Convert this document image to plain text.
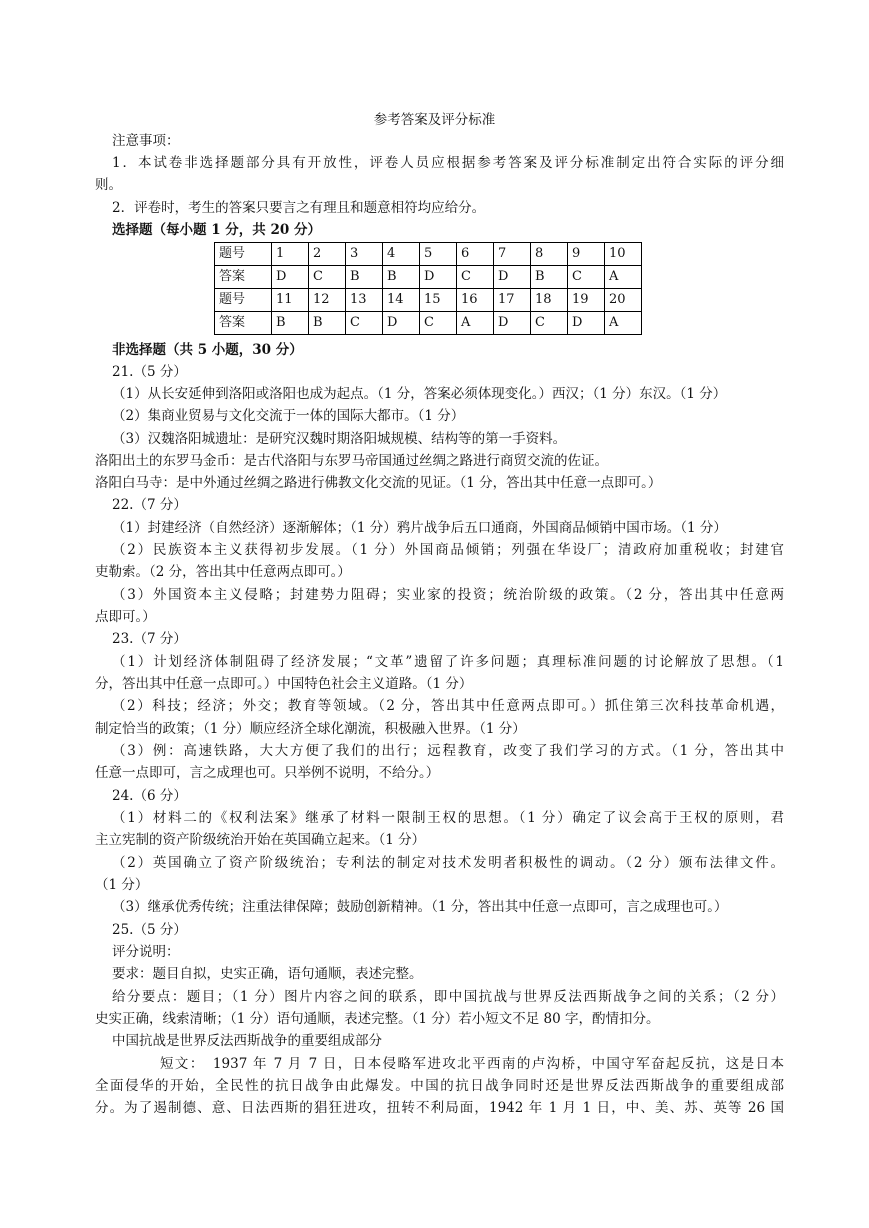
参考答案及评分标准
注意事项：
1．本试卷非选择题部分具有开放性，评卷人员应根据参考答案及评分标准制定出符合实际的评分细
则。
2．评卷时，考生的答案只要言之有理且和题意相符均应给分。
选择题（每小题 1 分，共 20 分）
题号	1	2	3	4	5	6	7	8	9	10
答案	D	C	B	B	D	C	D	B	C	A
题号	11	12	13	14	15	16	17	18	19	20
答案	B	B	C	D	C	A	D	C	D	A
非选择题（共 5 小题，30 分）
21.（5 分）
（1）从长安延伸到洛阳或洛阳也成为起点。（1 分，答案必须体现变化。）西汉；（1 分）东汉。（1 分）
（2）集商业贸易与文化交流于一体的国际大都市。（1 分）
（3）汉魏洛阳城遗址：是研究汉魏时期洛阳城规模、结构等的第一手资料。
洛阳出土的东罗马金币：是古代洛阳与东罗马帝国通过丝绸之路进行商贸交流的佐证。
洛阳白马寺：是中外通过丝绸之路进行佛教文化交流的见证。（1 分，答出其中任意一点即可。）
22.（7 分）
（1）封建经济（自然经济）逐渐解体；（1 分）鸦片战争后五口通商，外国商品倾销中国市场。（1 分）
（2）民族资本主义获得初步发展。（1 分）外国商品倾销；列强在华设厂；清政府加重税收；封建官
吏勒索。（2 分，答出其中任意两点即可。）
（3）外国资本主义侵略；封建势力阻碍；实业家的投资；统治阶级的政策。（2 分，答出其中任意两
点即可。）
23.（7 分）
（1）计划经济体制阻碍了经济发展；“文革”遗留了许多问题；真理标准问题的讨论解放了思想。（1
分，答出其中任意一点即可。）中国特色社会主义道路。（1 分）
（2）科技；经济；外交；教育等领域。（2 分，答出其中任意两点即可。）抓住第三次科技革命机遇，
制定恰当的政策；（1 分）顺应经济全球化潮流，积极融入世界。（1 分）
（3）例：高速铁路，大大方便了我们的出行；远程教育，改变了我们学习的方式。（1 分，答出其中
任意一点即可，言之成理也可。只举例不说明，不给分。）
24.（6 分）
（1）材料二的《权利法案》继承了材料一限制王权的思想。（1 分）确定了议会高于王权的原则，君
主立宪制的资产阶级统治开始在英国确立起来。（1 分）
（2）英国确立了资产阶级统治；专利法的制定对技术发明者积极性的调动。（2 分）颁布法律文件。
（1 分）
（3）继承优秀传统；注重法律保障；鼓励创新精神。（1 分，答出其中任意一点即可，言之成理也可。）
25.（5 分）
评分说明：
要求：题目自拟，史实正确，语句通顺，表述完整。
给分要点：题目；（1 分）图片内容之间的联系，即中国抗战与世界反法西斯战争之间的关系；（2 分）
史实正确，线索清晰；（1 分）语句通顺，表述完整。（1 分）若小短文不足 80 字，酌情扣分。
中国抗战是世界反法西斯战争的重要组成部分
短文：　1937 年 7 月 7 日，日本侵略军进攻北平西南的卢沟桥，中国守军奋起反抗，这是日本
全面侵华的开始，全民性的抗日战争由此爆发。中国的抗日战争同时还是世界反法西斯战争的重要组成部
分。为了遏制德、意、日法西斯的猖狂进攻，扭转不利局面，1942 年 1 月 1 日，中、美、苏、英等 26 国
